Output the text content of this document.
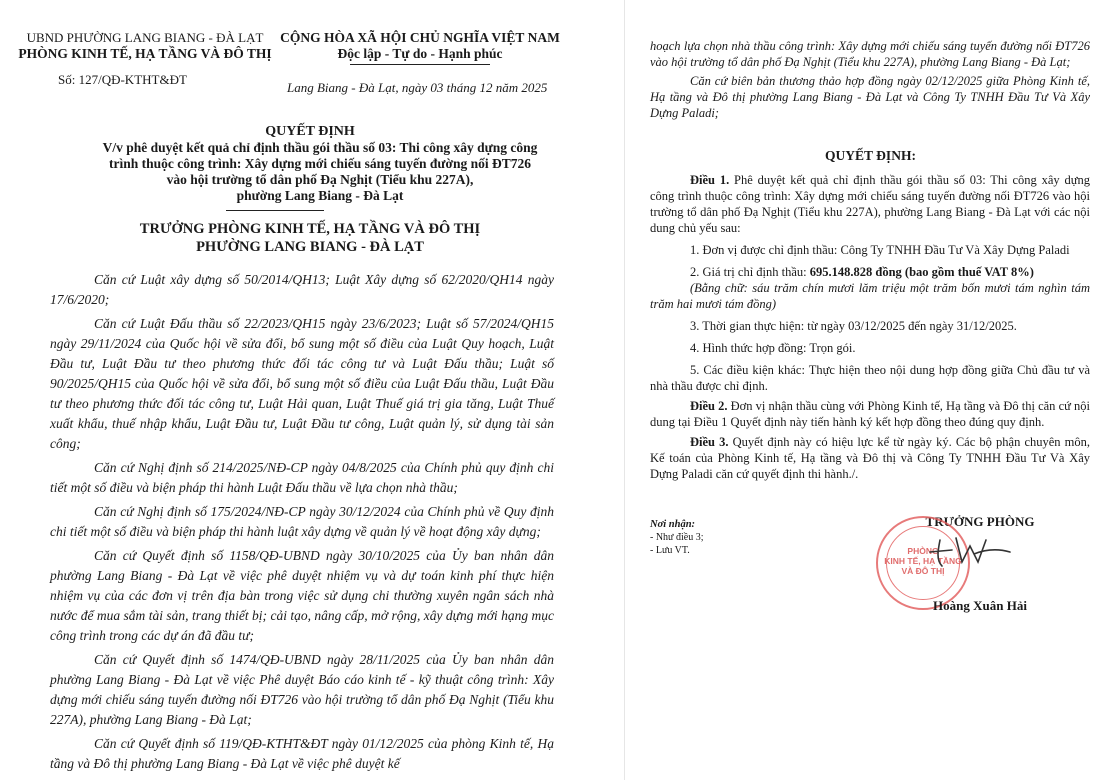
UBND PHƯỜNG LANG BIANG - ĐÀ LẠT
PHÒNG KINH TẾ, HẠ TẦNG VÀ ĐÔ THỊ
Số: 127/QĐ-KTHT&ĐT
CỘNG HÒA XÃ HỘI CHỦ NGHĨA VIỆT NAM
Độc lập - Tự do - Hạnh phúc
Lang Biang - Đà Lạt, ngày 03 tháng 12 năm 2025
QUYẾT ĐỊNH
V/v phê duyệt kết quả chỉ định thầu gói thầu số 03: Thi công xây dựng công
trình thuộc công trình: Xây dựng mới chiếu sáng tuyến đường nối ĐT726
vào hội trường tổ dân phố Đạ Nghịt (Tiểu khu 227A),
phường Lang Biang - Đà Lạt
TRƯỞNG PHÒNG KINH TẾ, HẠ TẦNG VÀ ĐÔ THỊ
PHƯỜNG LANG BIANG - ĐÀ LẠT

Căn cứ Luật xây dựng số 50/2014/QH13; Luật Xây dựng số 62/2020/QH14 ngày 17/6/2020;

Căn cứ Luật Đấu thầu số 22/2023/QH15 ngày 23/6/2023; Luật số 57/2024/QH15 ngày 29/11/2024 của Quốc hội về sửa đổi, bổ sung một số điều của Luật Quy hoạch, Luật Đầu tư, Luật Đầu tư theo phương thức đối tác công tư và Luật Đấu thầu; Luật số 90/2025/QH15 của Quốc hội về sửa đổi, bổ sung một số điều của Luật Đấu thầu, Luật Đầu tư theo phương thức đối tác công tư, Luật Hải quan, Luật Thuế giá trị gia tăng, Luật Thuế xuất khẩu, thuế nhập khẩu, Luật Đầu tư, Luật Đầu tư công, Luật quản lý, sử dụng tài sản công;

Căn cứ Nghị định số 214/2025/NĐ-CP ngày 04/8/2025 của Chính phủ quy định chi tiết một số điều và biện pháp thi hành Luật Đấu thầu về lựa chọn nhà thầu;

Căn cứ Nghị định số 175/2024/NĐ-CP ngày 30/12/2024 của Chính phủ về Quy định chi tiết một số điều và biện pháp thi hành luật xây dựng về quản lý về hoạt động xây dựng;

Căn cứ Quyết định số 1158/QĐ-UBND ngày 30/10/2025 của Ủy ban nhân dân phường Lang Biang - Đà Lạt về việc phê duyệt nhiệm vụ và dự toán kinh phí thực hiện nhiệm vụ của các đơn vị trên địa bàn trong việc sử dụng chi thường xuyên ngân sách nhà nước để mua sắm tài sản, trang thiết bị; cải tạo, nâng cấp, mở rộng, xây dựng mới hạng mục công trình trong các dự án đã đầu tư;

Căn cứ Quyết định số 1474/QĐ-UBND ngày 28/11/2025 của Ủy ban nhân dân phường Lang Biang - Đà Lạt về việc Phê duyệt Báo cáo kinh tế - kỹ thuật công trình: Xây dựng mới chiếu sáng tuyến đường nối ĐT726 vào hội trường tổ dân phố Đạ Nghịt (Tiểu khu 227A), phường Lang Biang - Đà Lạt;

Căn cứ Quyết định số 119/QĐ-KTHT&ĐT ngày 01/12/2025 của phòng Kinh tế, Hạ tầng và Đô thị phường Lang Biang - Đà Lạt về việc phê duyệt kế

hoạch lựa chọn nhà thầu công trình: Xây dựng mới chiếu sáng tuyến đường nối ĐT726 vào hội trường tổ dân phố Đạ Nghịt (Tiểu khu 227A), phường Lang Biang - Đà Lạt;

Căn cứ biên bản thương thảo hợp đồng ngày 02/12/2025 giữa Phòng Kinh tế, Hạ tầng và Đô thị phường Lang Biang - Đà Lạt và Công Ty TNHH Đầu Tư Và Xây Dựng Paladi;

QUYẾT ĐỊNH:

Điều 1. Phê duyệt kết quả chỉ định thầu gói thầu số 03: Thi công xây dựng công trình thuộc công trình: Xây dựng mới chiếu sáng tuyến đường nối ĐT726 vào hội trường tổ dân phố Đạ Nghịt (Tiểu khu 227A), phường Lang Biang - Đà Lạt với các nội dung chủ yếu sau:

1. Đơn vị được chỉ định thầu: Công Ty TNHH Đầu Tư Và Xây Dựng Paladi

2. Giá trị chỉ định thầu: 695.148.828 đồng (bao gồm thuế VAT 8%)

(Bằng chữ: sáu trăm chín mươi lăm triệu một trăm bốn mươi tám nghìn tám trăm hai mươi tám đồng)

3. Thời gian thực hiện: từ ngày 03/12/2025 đến ngày 31/12/2025.

4. Hình thức hợp đồng: Trọn gói.

5. Các điều kiện khác: Thực hiện theo nội dung hợp đồng giữa Chủ đầu tư và nhà thầu được chỉ định.

Điều 2. Đơn vị nhận thầu cùng với Phòng Kinh tế, Hạ tầng và Đô thị căn cứ nội dung tại Điều 1 Quyết định này tiến hành ký kết hợp đồng theo đúng quy định.

Điều 3. Quyết định này có hiệu lực kể từ ngày ký. Các bộ phận chuyên môn, Kế toán của Phòng Kinh tế, Hạ tầng và Đô thị và Công Ty TNHH Đầu Tư Và Xây Dựng Paladi căn cứ quyết định thi hành./.

Nơi nhận:
- Như điều 3;
- Lưu VT.
TRƯỞNG PHÒNG
PHÒNG
KINH TẾ, HẠ TẦNG
VÀ ĐÔ THỊ
Hoàng Xuân Hải
